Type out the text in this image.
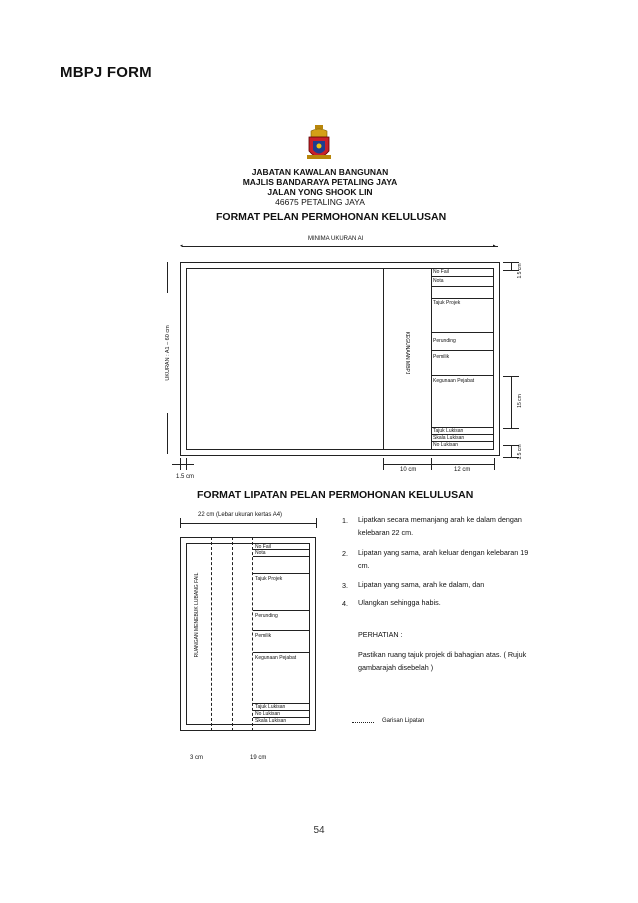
MBPJ FORM
JABATAN KAWALAN BANGUNAN
MAJLIS BANDARAYA PETALING JAYA
JALAN YONG SHOOK LIN
46675 PETALING JAYA
FORMAT PELAN PERMOHONAN KELULUSAN
◂	▸
MINIMA UKURAN AI
UKURAN : A1 – 60 cm	KEGUNAAN MBPJ
No Fail
Nota
Tajuk Projek
Perunding
Pemilik
Kegunaan Pejabat
Tajuk Lukisan
Skala Lukisan
No Lukisan
1.5 cm
15 cm
1.5 cm
1.5 cm
10 cm	12 cm
FORMAT LIPATAN PELAN PERMOHONAN KELULUSAN
22 cm (Lebar ukuran kertas A4)
RUANGAN MENEBUK LUBANG FAIL
No Fail
Nota
Tajuk Projek
Perunding
Pemilik
Kegunaan Pejabat
Tajuk Lukisan
No Lukisan
Skala Lukisan
3 cm	19 cm
1. Lipatkan secara memanjang arah ke dalam dengan kelebaran 22 cm.
2. Lipatan yang sama, arah keluar dengan kelebaran 19 cm.
3. Lipatan yang sama, arah ke dalam, dan
4. Ulangkan sehingga habis.
PERHATIAN :
Pastikan ruang tajuk projek di bahagian atas. ( Rujuk gambarajah disebelah )
Garisan Lipatan
54
